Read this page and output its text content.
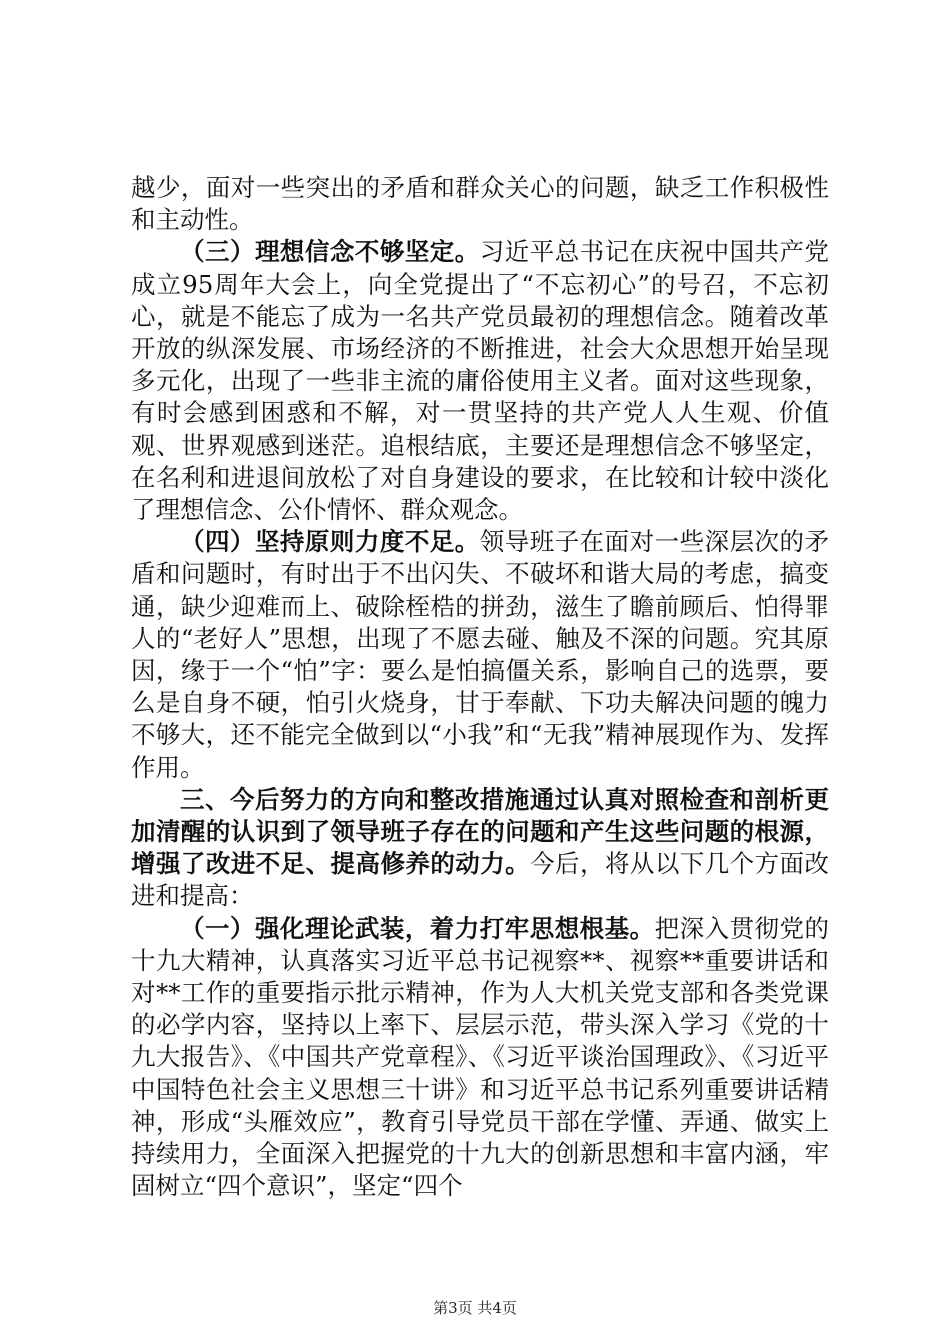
越少，面对一些突出的矛盾和群众关心的问题，缺乏工作积极性和主动性。

（三）理想信念不够坚定。习近平总书记在庆祝中国共产党成立95周年大会上，向全党提出了“不忘初心”的号召，不忘初心，就是不能忘了成为一名共产党员最初的理想信念。随着改革开放的纵深发展、市场经济的不断推进，社会大众思想开始呈现多元化，出现了一些非主流的庸俗使用主义者。面对这些现象，有时会感到困惑和不解，对一贯坚持的共产党人人生观、价值观、世界观感到迷茫。追根结底，主要还是理想信念不够坚定，在名利和进退间放松了对自身建设的要求，在比较和计较中淡化了理想信念、公仆情怀、群众观念。

（四）坚持原则力度不足。领导班子在面对一些深层次的矛盾和问题时，有时出于不出闪失、不破坏和谐大局的考虑，搞变通，缺少迎难而上、破除桎梏的拼劲，滋生了瞻前顾后、怕得罪人的“老好人”思想，出现了不愿去碰、触及不深的问题。究其原因，缘于一个“怕”字：要么是怕搞僵关系，影响自己的选票，要么是自身不硬，怕引火烧身，甘于奉献、下功夫解决问题的魄力不够大，还不能完全做到以“小我”和“无我”精神展现作为、发挥作用。

三、今后努力的方向和整改措施通过认真对照检查和剖析更加清醒的认识到了领导班子存在的问题和产生这些问题的根源，增强了改进不足、提高修养的动力。今后，将从以下几个方面改进和提高：

（一）强化理论武装，着力打牢思想根基。把深入贯彻党的十九大精神，认真落实习近平总书记视察**、视察**重要讲话和对**工作的重要指示批示精神，作为人大机关党支部和各类党课的必学内容，坚持以上率下、层层示范，带头深入学习《党的十九大报告》、《中国共产党章程》、《习近平谈治国理政》、《习近平中国特色社会主义思想三十讲》和习近平总书记系列重要讲话精神，形成“头雁效应”，教育引导党员干部在学懂、弄通、做实上持续用力，全面深入把握党的十九大的创新思想和丰富内涵，牢固树立“四个意识”，坚定“四个

第3页 共4页
